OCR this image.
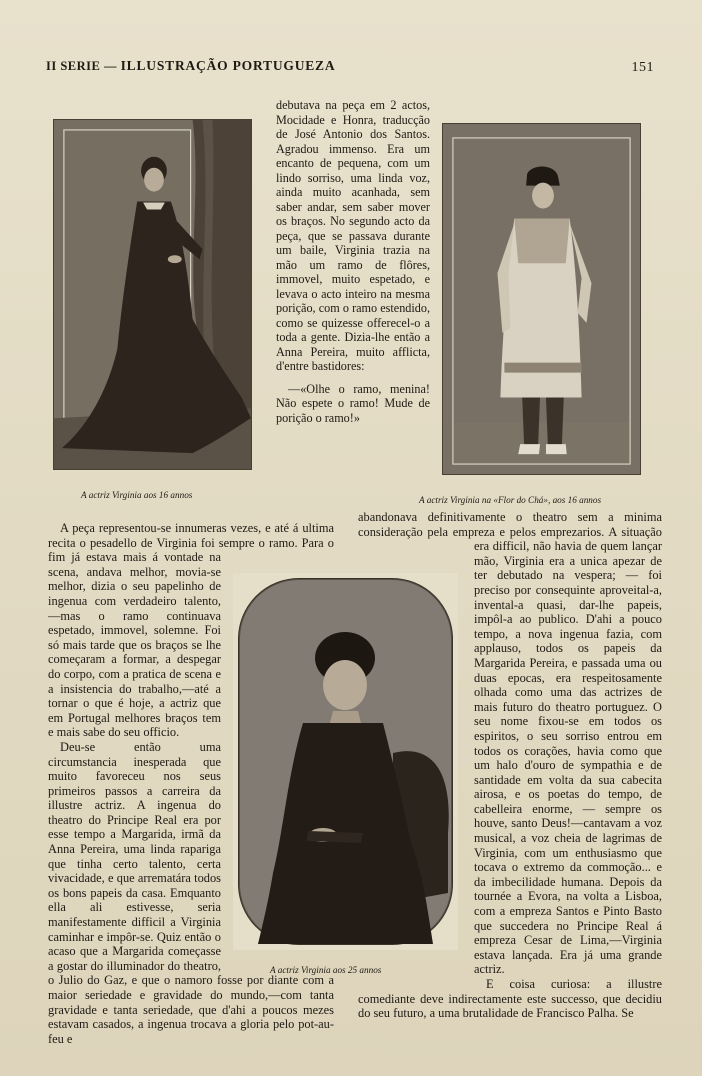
II SERIE — ILLUSTRAÇÃO PORTUGUEZA	151
A actriz Virginia aos 16 annos	A actriz Virginia na «Flor do Chá», aos 16 annos
A actriz Virginia aos 25 annos

debutava na peça em 2 actos, Mocidade e Honra, traducção de José Antonio dos Santos. Agradou immenso. Era um encanto de pequena, com um lindo sorriso, uma linda voz, ainda muito acanhada, sem saber andar, sem saber mover os braços. No segundo acto da peça, que se passava durante um baile, Virginia trazia na mão um ramo de flôres, immovel, muito espetado, e levava o acto inteiro na mesma porição, com o ramo estendido, como se quizesse offerecel-o a toda a gente. Dizia-lhe então a Anna Pereira, muito afflicta, d'entre bastidores:

—«Olhe o ramo, menina! Não espete o ramo! Mude de porição o ramo!»

A peça representou-se innumeras vezes, e até á ultima recita o pesadello de Virginia foi sempre o ramo. Para o fim já estava mais á vontade na scena, andava melhor, movia-se melhor, dizia o seu papelinho de ingenua com verdadeiro talento, —mas o ramo continuava espetado, immovel, solemne. Foi só mais tarde que os braços se lhe começaram a formar, a despegar do corpo, com a pratica de scena e a insistencia do trabalho,—até a tornar o que é hoje, a actriz que em Portugal melhores braços tem e mais sabe do seu officio.

Deu-se então uma circumstancia inesperada que muito favoreceu nos seus primeiros passos a carreira da illustre actriz. A ingenua do theatro do Principe Real era por esse tempo a Margarida, irmã da Anna Pereira, uma linda rapariga que tinha certo talento, certa vivacidade, e que arrematára todos os bons papeis da casa. Emquanto ella ali estivesse, seria manifestamente difficil a Virginia caminhar e impôr-se. Quiz então o acaso que a Margarida começasse a gostar do illuminador do theatro, o Julio do Gaz, e que o namoro fosse por diante com a maior seriedade e gravidade do mundo,—com tanta gravidade e tanta seriedade, que d'ahi a poucos mezes estavam casados, a ingenua trocava a gloria pelo pot-au-feu e

abandonava definitivamente o theatro sem a minima consideração pela empreza e pelos emprezarios. A situação era difficil, não havia de quem lançar mão, Virginia era a unica apezar de ter debutado na vespera; — foi preciso por consequinte aproveital-a, invental-a quasi, dar-lhe papeis, impôl-a ao publico. D'ahi a pouco tempo, a nova ingenua fazia, com applauso, todos os papeis da Margarida Pereira, e passada uma ou duas epocas, era respeitosamente olhada como uma das actrizes de mais futuro do theatro portuguez. O seu nome fixou-se em todos os espiritos, o seu sorriso entrou em todos os corações, havia como que um halo d'ouro de sympathia e de santidade em volta da sua cabecita airosa, e os poetas do tempo, de cabelleira enorme, — sempre os houve, santo Deus!—cantavam a voz musical, a voz cheia de lagrimas de Virginia, com um enthusiasmo que tocava o extremo da commoção... e da imbecilidade humana. Depois da tournée a Evora, na volta a Lisboa, com a empreza Santos e Pinto Basto que succedera no Principe Real á empreza Cesar de Lima,—Virginia estava lançada. Era já uma grande actriz.

E coisa curiosa: a illustre comediante deve indirectamente este successo, que decidiu do seu futuro, a uma brutalidade de Francisco Palha. Se
